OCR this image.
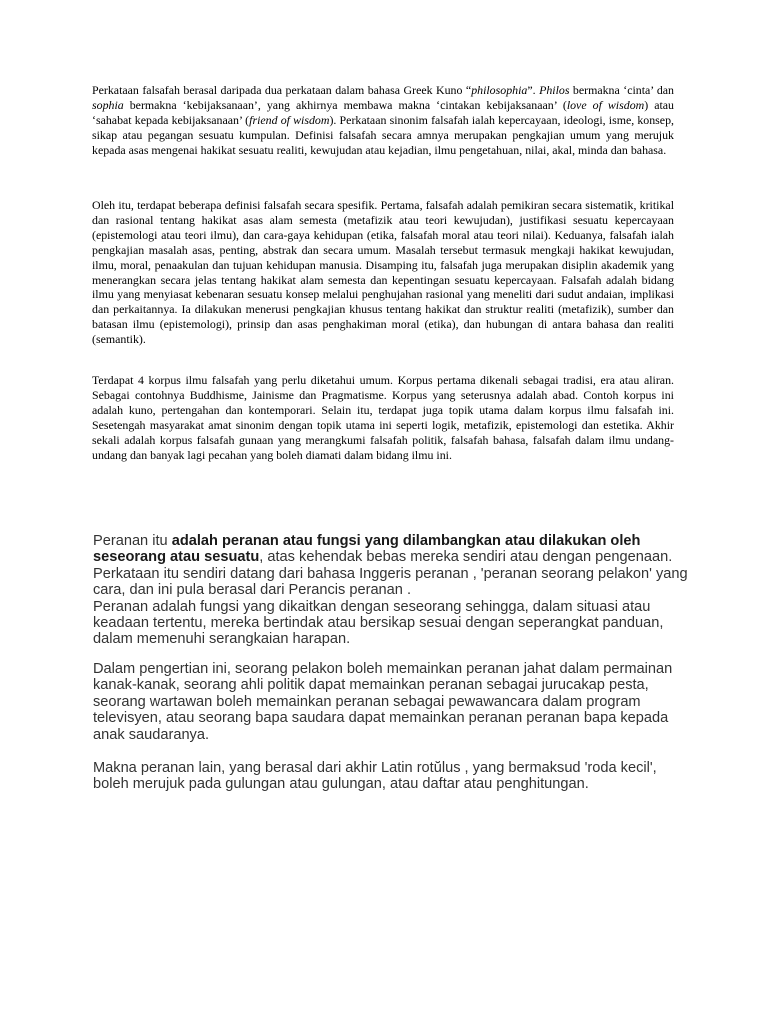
Perkataan falsafah berasal daripada dua perkataan dalam bahasa Greek Kuno “philosophia”. Philos bermakna ‘cinta’ dan sophia bermakna ‘kebijaksanaan’, yang akhirnya membawa makna ‘cintakan kebijaksanaan’ (love of wisdom) atau ‘sahabat kepada kebijaksanaan’ (friend of wisdom). Perkataan sinonim falsafah ialah kepercayaan, ideologi, isme, konsep, sikap atau pegangan sesuatu kumpulan. Definisi falsafah secara amnya merupakan pengkajian umum yang merujuk kepada asas mengenai hakikat sesuatu realiti, kewujudan atau kejadian, ilmu pengetahuan, nilai, akal, minda dan bahasa.

Oleh itu, terdapat beberapa definisi falsafah secara spesifik. Pertama, falsafah adalah pemikiran secara sistematik, kritikal dan rasional tentang hakikat asas alam semesta (metafizik atau teori kewujudan), justifikasi sesuatu kepercayaan (epistemologi atau teori ilmu), dan cara-gaya kehidupan (etika, falsafah moral atau teori nilai). Keduanya, falsafah ialah pengkajian masalah asas, penting, abstrak dan secara umum. Masalah tersebut termasuk mengkaji hakikat kewujudan, ilmu, moral, penaakulan dan tujuan kehidupan manusia. Disamping itu, falsafah juga merupakan disiplin akademik yang menerangkan secara jelas tentang hakikat alam semesta dan kepentingan sesuatu kepercayaan. Falsafah adalah bidang ilmu yang menyiasat kebenaran sesuatu konsep melalui penghujahan rasional yang meneliti dari sudut andaian, implikasi dan perkaitannya. Ia dilakukan menerusi pengkajian khusus tentang hakikat dan struktur realiti (metafizik), sumber dan batasan ilmu (epistemologi), prinsip dan asas penghakiman moral (etika), dan hubungan di antara bahasa dan realiti (semantik).

Terdapat 4 korpus ilmu falsafah yang perlu diketahui umum. Korpus pertama dikenali sebagai tradisi, era atau aliran. Sebagai contohnya Buddhisme, Jainisme dan Pragmatisme. Korpus yang seterusnya adalah abad. Contoh korpus ini adalah kuno, pertengahan dan kontemporari. Selain itu, terdapat juga topik utama dalam korpus ilmu falsafah ini. Sesetengah masyarakat amat sinonim dengan topik utama ini seperti logik, metafizik, epistemologi dan estetika. Akhir sekali adalah korpus falsafah gunaan yang merangkumi falsafah politik, falsafah bahasa, falsafah dalam ilmu undang-undang dan banyak lagi pecahan yang boleh diamati dalam bidang ilmu ini.

Peranan itu adalah peranan atau fungsi yang dilambangkan atau dilakukan oleh seseorang atau sesuatu, atas kehendak bebas mereka sendiri atau dengan pengenaan. Perkataan itu sendiri datang dari bahasa Inggeris peranan , 'peranan seorang pelakon' yang cara, dan ini pula berasal dari Perancis peranan .
Peranan adalah fungsi yang dikaitkan dengan seseorang sehingga, dalam situasi atau keadaan tertentu, mereka bertindak atau bersikap sesuai dengan seperangkat panduan, dalam memenuhi serangkaian harapan.

Dalam pengertian ini, seorang pelakon boleh memainkan peranan jahat dalam permainan kanak-kanak, seorang ahli politik dapat memainkan peranan sebagai jurucakap pesta, seorang wartawan boleh memainkan peranan sebagai pewawancara dalam program televisyen, atau seorang bapa saudara dapat memainkan peranan peranan bapa kepada anak saudaranya.

Makna peranan lain, yang berasal dari akhir Latin rotŭlus , yang bermaksud 'roda kecil', boleh merujuk pada gulungan atau gulungan, atau daftar atau penghitungan.
